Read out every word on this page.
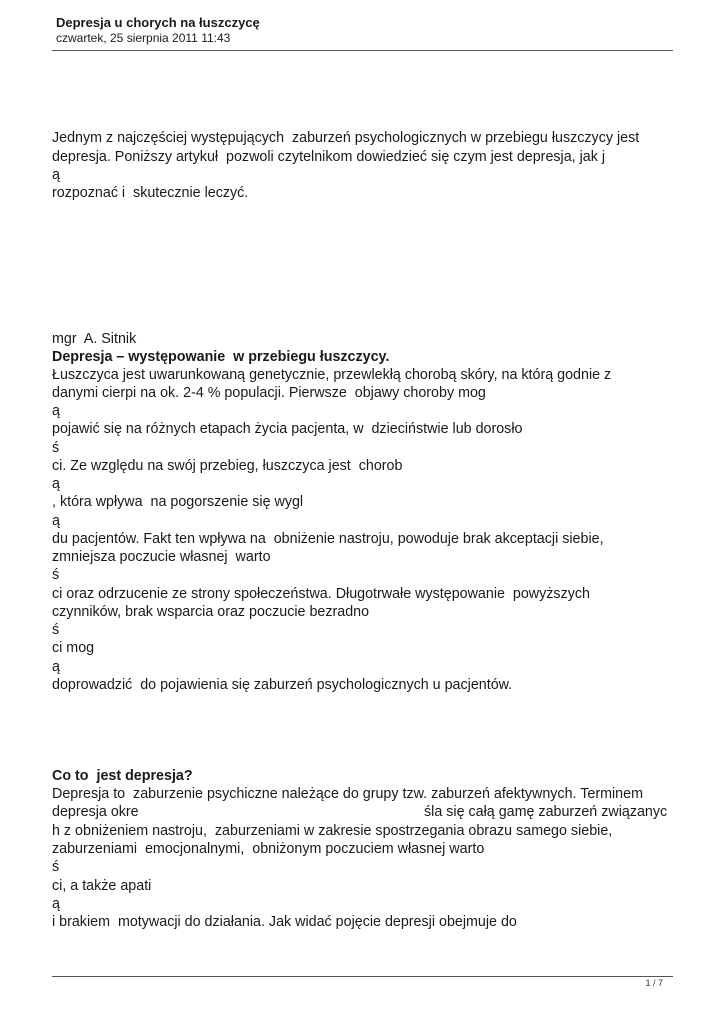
Depresja u chorych na łuszczycę
czwartek, 25 sierpnia 2011 11:43
Jednym z najczęściej występujących  zaburzeń psychologicznych w przebiegu łuszczycy jest
depresja. Poniższy artykuł  pozwoli czytelnikom dowiedzieć się czym jest depresja, jak j
ą
rozpoznać i  skutecznie leczyć.
mgr  A. Sitnik
Depresja – występowanie  w przebiegu łuszczycy.
Łuszczyca jest uwarunkowaną genetycznie, przewlekłą chorobą skóry, na którą godnie z
danymi cierpi na ok. 2-4 % populacji. Pierwsze  objawy choroby mog
ą
pojawić się na różnych etapach życia pacjenta, w  dzieciństwie lub dorosło
ś
ci. Ze względu na swój przebieg, łuszczyca jest  chorob
ą
, która wpływa  na pogorszenie się wygl
ą
du pacjentów. Fakt ten wpływa na  obniżenie nastroju, powoduje brak akceptacji siebie,
zmniejsza poczucie własnej  warto
ś
ci oraz odrzucenie ze strony społeczeństwa. Długotrwałe występowanie  powyższych
czynników, brak wsparcia oraz poczucie bezradno
ś
ci mog
ą
doprowadzić  do pojawienia się zaburzeń psychologicznych u pacjentów.
Co to  jest depresja?
Depresja to  zaburzenie psychiczne należące do grupy tzw. zaburzeń afektywnych. Terminem
depresja okre	śla się całą gamę zaburzeń związanyc
h z obniżeniem nastroju,  zaburzeniami w zakresie spostrzegania obrazu samego siebie,
zaburzeniami  emocjonalnymi,  obniżonym poczuciem własnej warto
ś
ci, a także apati
ą
i brakiem  motywacji do działania. Jak widać pojęcie depresji obejmuje do
1 / 7
